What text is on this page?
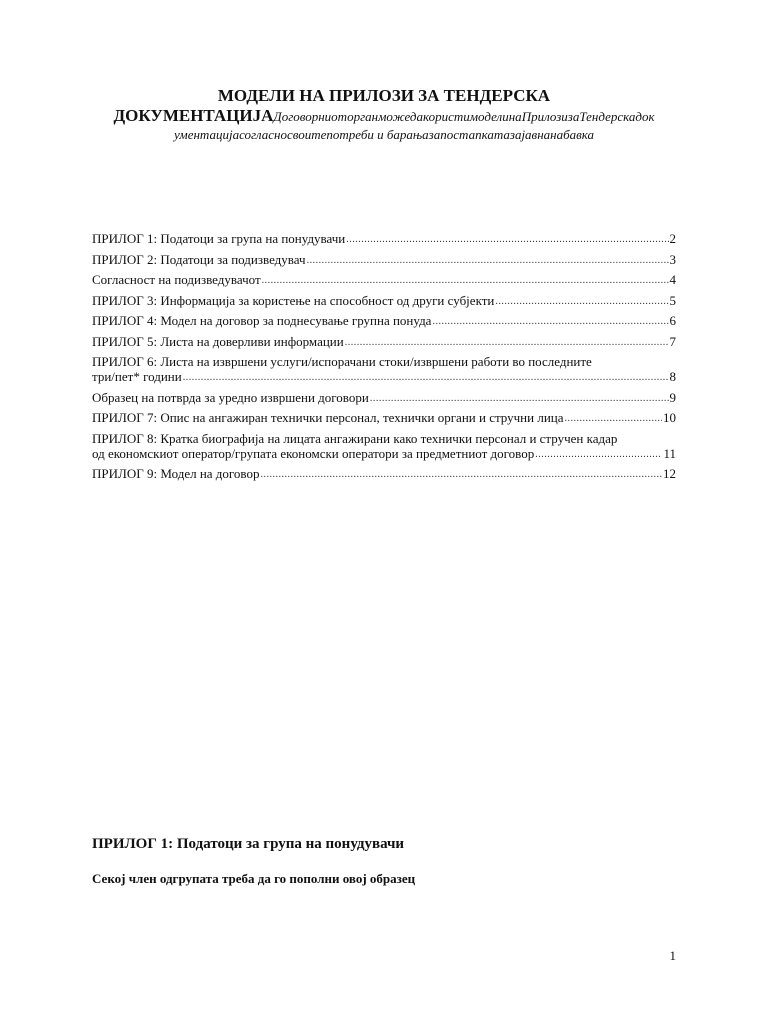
МОДЕЛИ НА ПРИЛОЗИ ЗА ТЕНДЕРСКА
ДОКУМЕНТАЦИЈАДоговорниоторганможедакористимоделинаПрилозизаТендерскадок
ументацијасогласносвоитепотреби и барањазапостапкатазајавнанабавка
ПРИЛОГ 1: Податоци за група на понудувачи .....	2
ПРИЛОГ 2: Податоци за подизведувач .....	3
Согласност на подизведувачот .....	4
ПРИЛОГ 3: Информација за користење на способност од други субјекти .....	5
ПРИЛОГ 4: Модел на договор за поднесување групна понуда .....	6
ПРИЛОГ 5: Листа на доверливи информации .....	7
ПРИЛОГ 6: Листа на извршени услуги/испорачани стоки/извршени работи во последните
три/пет* години .....	8
Образец на потврда за уредно извршени договори .....	9
ПРИЛОГ 7: Опис на ангажиран технички персонал, технички органи и стручни лица .....	10
ПРИЛОГ 8: Кратка биографија на лицата ангажирани како технички персонал и стручен кадар
од економскиот оператор/групата економски оператори за предметниот договор .....	11
ПРИЛОГ 9: Модел на договор .....	12
ПРИЛОГ 1: Податоци за група на понудувачи
Секој член одгрупата треба да го пополни овој образец
1
